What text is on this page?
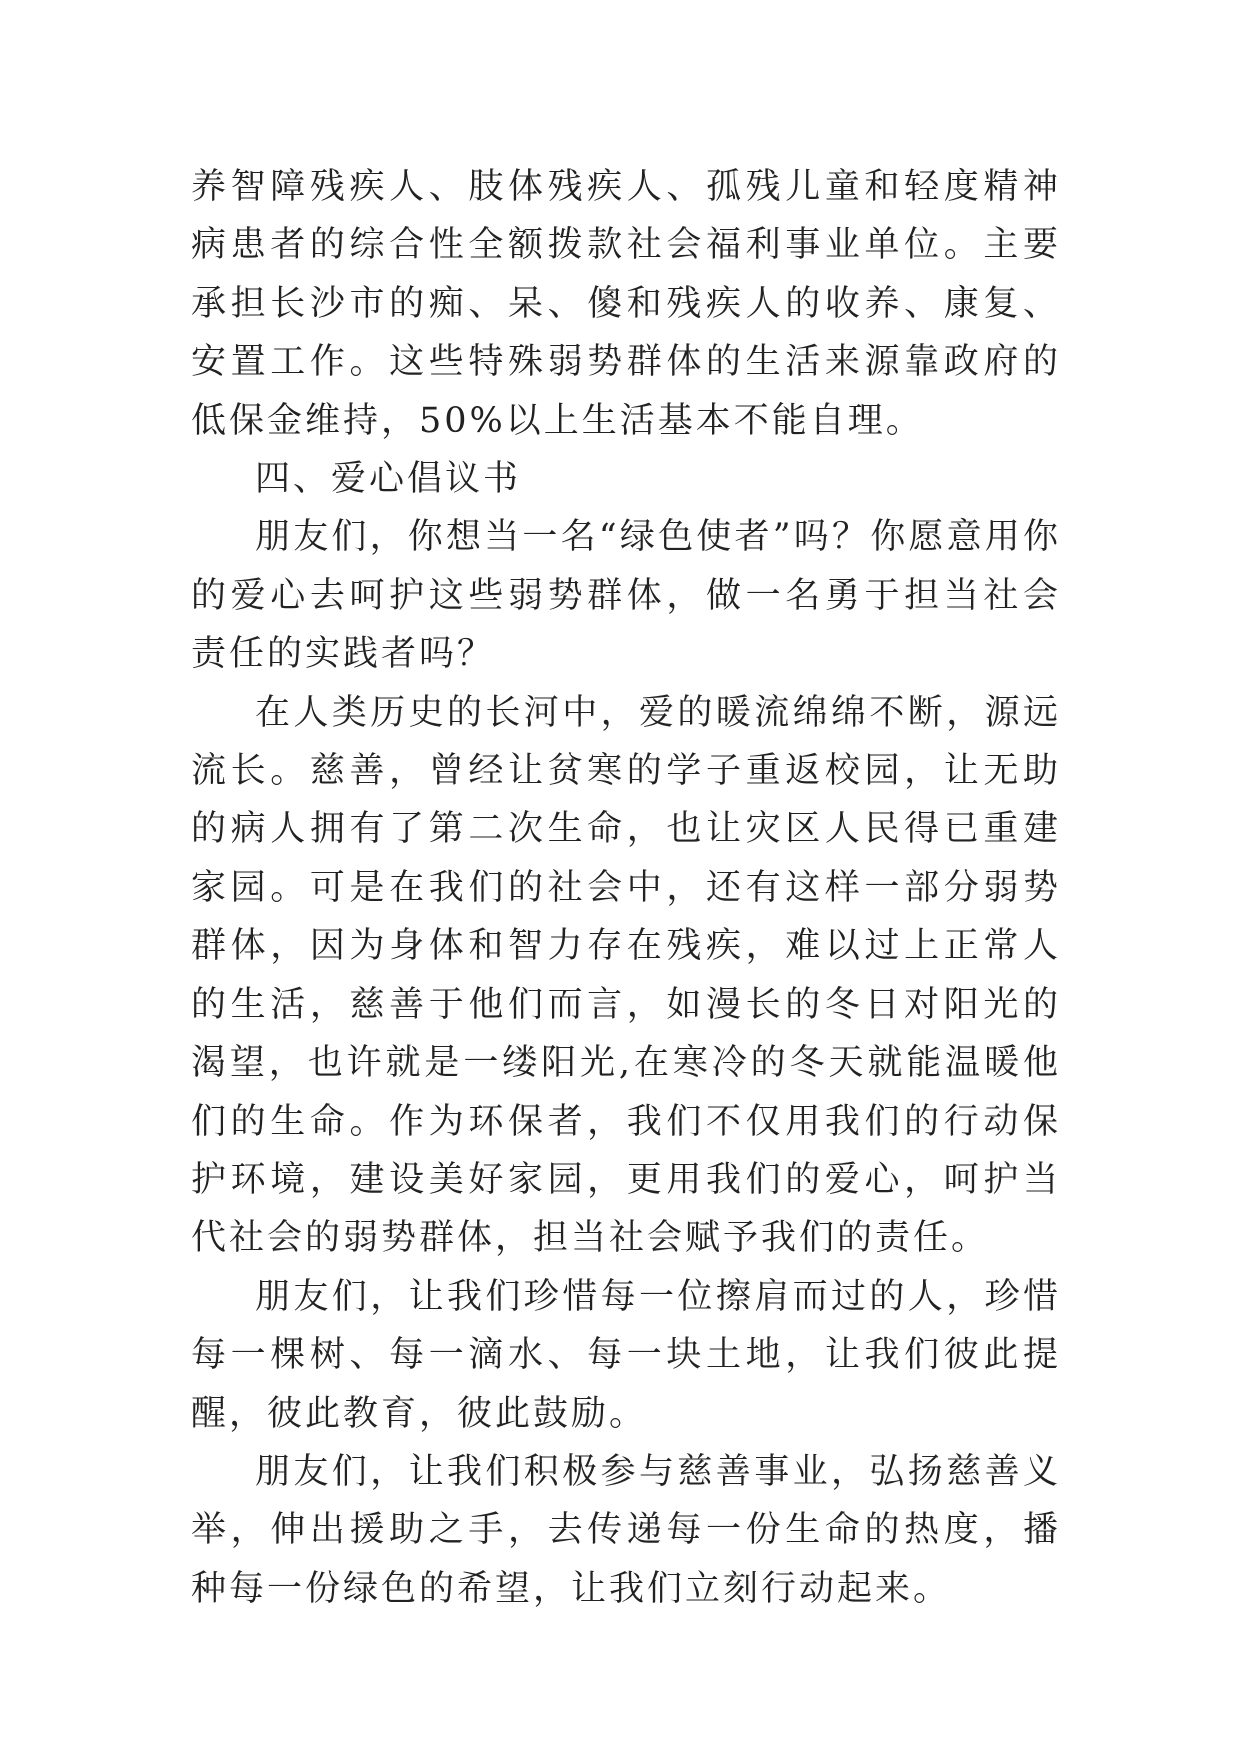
养智障残疾人、肢体残疾人、孤残儿童和轻度精神病患者的综合性全额拨款社会福利事业单位。主要承担长沙市的痴、呆、傻和残疾人的收养、康复、安置工作。这些特殊弱势群体的生活来源靠政府的低保金维持，50%以上生活基本不能自理。

四、爱心倡议书

朋友们，你想当一名“绿色使者”吗？你愿意用你的爱心去呵护这些弱势群体，做一名勇于担当社会责任的实践者吗？

在人类历史的长河中，爱的暖流绵绵不断，源远流长。慈善，曾经让贫寒的学子重返校园，让无助的病人拥有了第二次生命，也让灾区人民得已重建家园。可是在我们的社会中，还有这样一部分弱势群体，因为身体和智力存在残疾，难以过上正常人的生活，慈善于他们而言，如漫长的冬日对阳光的渴望，也许就是一缕阳光,在寒冷的冬天就能温暖他们的生命。作为环保者，我们不仅用我们的行动保护环境，建设美好家园，更用我们的爱心，呵护当代社会的弱势群体，担当社会赋予我们的责任。

朋友们，让我们珍惜每一位擦肩而过的人，珍惜每一棵树、每一滴水、每一块土地，让我们彼此提醒，彼此教育，彼此鼓励。

朋友们，让我们积极参与慈善事业，弘扬慈善义举，伸出援助之手，去传递每一份生命的热度，播种每一份绿色的希望，让我们立刻行动起来。
